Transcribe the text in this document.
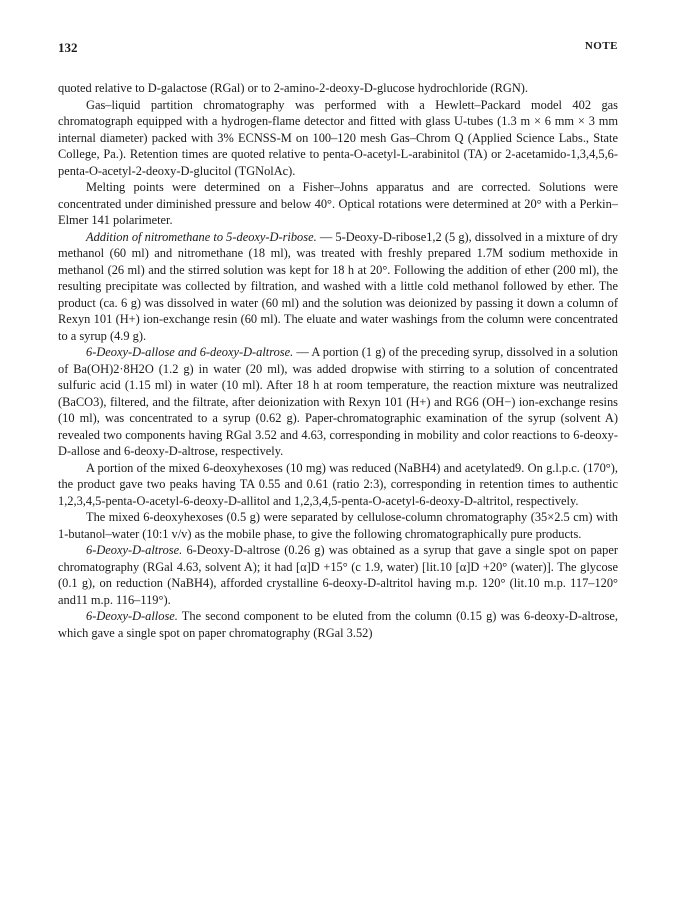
132	NOTE

quoted relative to D-galactose (RGal) or to 2-amino-2-deoxy-D-glucose hydrochloride (RGN).

Gas–liquid partition chromatography was performed with a Hewlett–Packard model 402 gas chromatograph equipped with a hydrogen-flame detector and fitted with glass U-tubes (1.3 m × 6 mm × 3 mm internal diameter) packed with 3% ECNSS-M on 100–120 mesh Gas–Chrom Q (Applied Science Labs., State College, Pa.). Retention times are quoted relative to penta-O-acetyl-L-arabinitol (TA) or 2-acetamido-1,3,4,5,6-penta-O-acetyl-2-deoxy-D-glucitol (TGNolAc).

Melting points were determined on a Fisher–Johns apparatus and are corrected. Solutions were concentrated under diminished pressure and below 40°. Optical rotations were determined at 20° with a Perkin–Elmer 141 polarimeter.

Addition of nitromethane to 5-deoxy-D-ribose. — 5-Deoxy-D-ribose1,2 (5 g), dissolved in a mixture of dry methanol (60 ml) and nitromethane (18 ml), was treated with freshly prepared 1.7M sodium methoxide in methanol (26 ml) and the stirred solution was kept for 18 h at 20°. Following the addition of ether (200 ml), the resulting precipitate was collected by filtration, and washed with a little cold methanol followed by ether. The product (ca. 6 g) was dissolved in water (60 ml) and the solution was deionized by passing it down a column of Rexyn 101 (H+) ion-exchange resin (60 ml). The eluate and water washings from the column were concentrated to a syrup (4.9 g).

6-Deoxy-D-allose and 6-deoxy-D-altrose. — A portion (1 g) of the preceding syrup, dissolved in a solution of Ba(OH)2·8H2O (1.2 g) in water (20 ml), was added dropwise with stirring to a solution of concentrated sulfuric acid (1.15 ml) in water (10 ml). After 18 h at room temperature, the reaction mixture was neutralized (BaCO3), filtered, and the filtrate, after deionization with Rexyn 101 (H+) and RG6 (OH−) ion-exchange resins (10 ml), was concentrated to a syrup (0.62 g). Paper-chromatographic examination of the syrup (solvent A) revealed two components having RGal 3.52 and 4.63, corresponding in mobility and color reactions to 6-deoxy-D-allose and 6-deoxy-D-altrose, respectively.

A portion of the mixed 6-deoxyhexoses (10 mg) was reduced (NaBH4) and acetylated9. On g.l.p.c. (170°), the product gave two peaks having TA 0.55 and 0.61 (ratio 2:3), corresponding in retention times to authentic 1,2,3,4,5-penta-O-acetyl-6-deoxy-D-allitol and 1,2,3,4,5-penta-O-acetyl-6-deoxy-D-altritol, respectively.

The mixed 6-deoxyhexoses (0.5 g) were separated by cellulose-column chromatography (35×2.5 cm) with 1-butanol–water (10:1 v/v) as the mobile phase, to give the following chromatographically pure products.

6-Deoxy-D-altrose. 6-Deoxy-D-altrose (0.26 g) was obtained as a syrup that gave a single spot on paper chromatography (RGal 4.63, solvent A); it had [α]D +15° (c 1.9, water) [lit.10 [α]D +20° (water)]. The glycose (0.1 g), on reduction (NaBH4), afforded crystalline 6-deoxy-D-altritol having m.p. 120° (lit.10 m.p. 117–120° and11 m.p. 116–119°).

6-Deoxy-D-allose. The second component to be eluted from the column (0.15 g) was 6-deoxy-D-altrose, which gave a single spot on paper chromatography (RGal 3.52)
